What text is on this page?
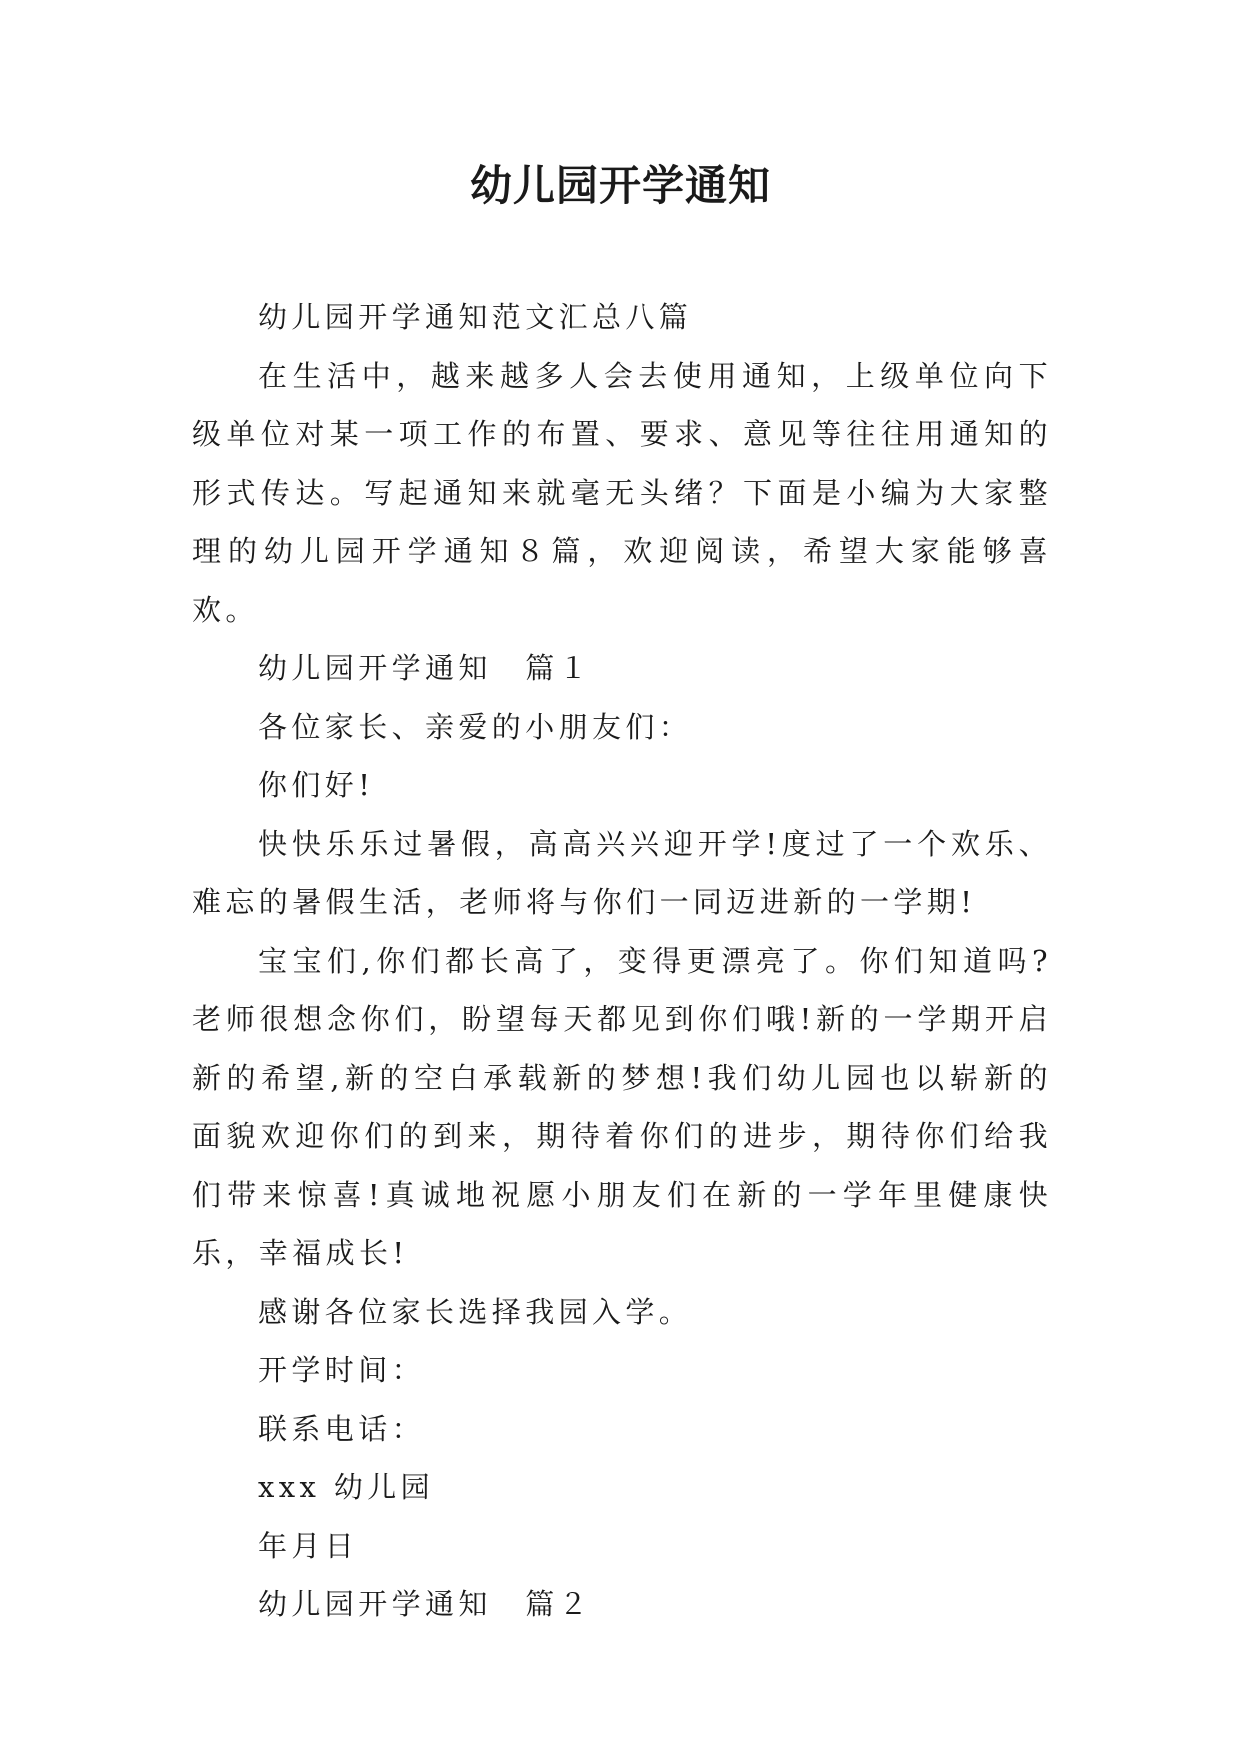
幼儿园开学通知

幼儿园开学通知范文汇总八篇

在生活中，越来越多人会去使用通知，上级单位向下级单位对某一项工作的布置、要求、意见等往往用通知的形式传达。写起通知来就毫无头绪？下面是小编为大家整理的幼儿园开学通知８篇，欢迎阅读，希望大家能够喜欢。

幼儿园开学通知　篇１

各位家长、亲爱的小朋友们：

你们好!

快快乐乐过暑假，高高兴兴迎开学!度过了一个欢乐、难忘的暑假生活，老师将与你们一同迈进新的一学期!

宝宝们,你们都长高了，变得更漂亮了。你们知道吗?老师很想念你们，盼望每天都见到你们哦!新的一学期开启新的希望,新的空白承载新的梦想!我们幼儿园也以崭新的面貌欢迎你们的到来，期待着你们的进步，期待你们给我们带来惊喜!真诚地祝愿小朋友们在新的一学年里健康快乐，幸福成长!

感谢各位家长选择我园入学。

开学时间：

联系电话：

xxx 幼儿园

年月日

幼儿园开学通知　篇２
